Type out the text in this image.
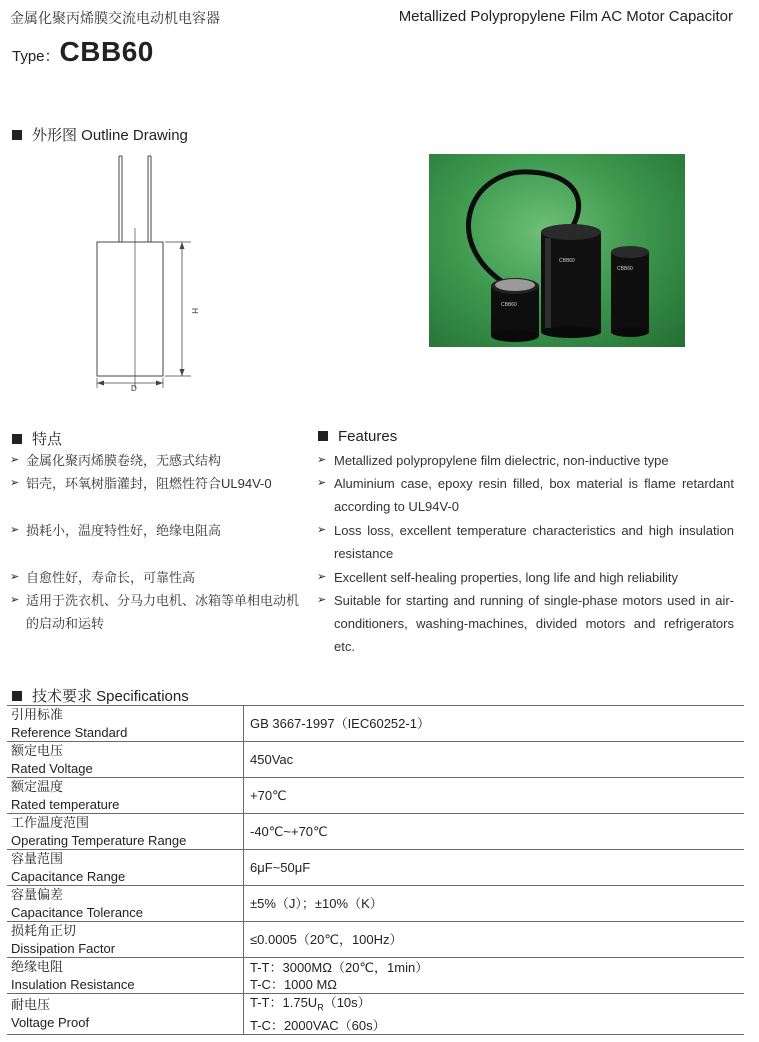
金属化聚丙烯膜交流电动机电容器	Metallized Polypropylene Film AC Motor Capacitor
Type：CBB60
外形图 Outline Drawing
H
D
CBB60
CBB60
CBB60
特点	Features
➢ 金属化聚丙烯膜卷绕，无感式结构
➢ 铝壳，环氧树脂灌封，阻燃性符合UL94V-0
➢ 损耗小，温度特性好，绝缘电阻高
➢ 自愈性好，寿命长，可靠性高
➢ 适用于洗衣机、分马力电机、冰箱等单相电动机的启动和运转
➢ Metallized polypropylene film dielectric, non-inductive type
➢ Aluminium case, epoxy resin filled, box material is flame retardant according to UL94V-0
➢ Loss loss, excellent temperature characteristics and high insulation resistance
➢ Excellent self-healing properties, long life and high reliability
➢ Suitable for starting and running of single-phase motors used in air-conditioners, washing-machines, divided motors and refrigerators etc.
技术要求 Specifications
引用标准
Reference Standard	GB 3667-1997（IEC60252-1）

额定电压
Rated Voltage	450Vac

额定温度
Rated temperature	+70℃

工作温度范围
Operating Temperature Range	-40℃~+70℃

容量范围
Capacitance Range	6μF~50μF

容量偏差
Capacitance Tolerance	±5%（J）；±10%（K）

损耗角正切
Dissipation Factor	≤0.0005（20℃，100Hz）

绝缘电阻
Insulation Resistance	T-T：3000MΩ（20℃，1min）
T-C：1000 MΩ

耐电压
Voltage Proof	T-T：$1.75U_R(10s)$
T-C：2000VAC（60s）
